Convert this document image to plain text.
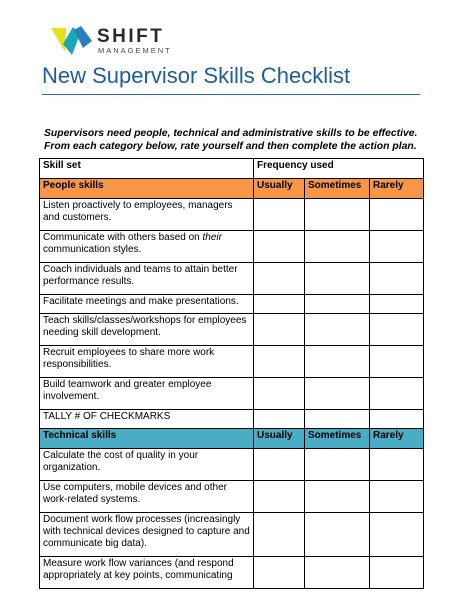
SHIFT
MANAGEMENT
New Supervisor Skills Checklist
Supervisors need people, technical and administrative skills to be effective. From each category below, rate yourself and then complete the action plan.
Skill set	Frequency used		
People skills	Usually	Sometimes	Rarely
Listen proactively to employees, managers and customers.			
Communicate with others based on their communication styles.			
Coach individuals and teams to attain better performance results.			
Facilitate meetings and make presentations.			
Teach skills/classes/workshops for employees needing skill development.			
Recruit employees to share more work responsibilities.			
Build teamwork and greater employee involvement.			
TALLY # OF CHECKMARKS			
Technical skills	Usually	Sometimes	Rarely
Calculate the cost of quality in your organization.			
Use computers, mobile devices and other work-related systems.			
Document work flow processes (increasingly with technical devices designed to capture and communicate big data).			
Measure work flow variances (and respond appropriately at key points, communicating			
